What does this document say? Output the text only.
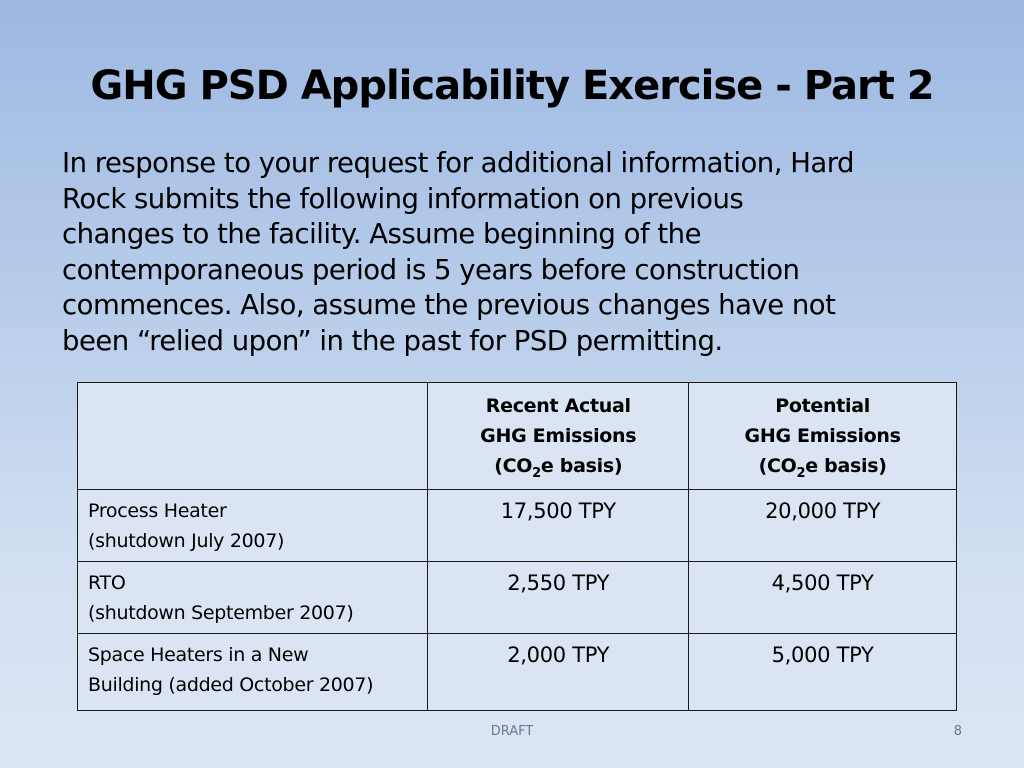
GHG PSD Applicability Exercise - Part 2
In response to your request for additional information, Hard
Rock submits the following information on previous
changes to the facility. Assume beginning of the
contemporaneous period is 5 years before construction
commences. Also, assume the previous changes have not
been “relied upon” in the past for PSD permitting.

	Recent Actual
GHG Emissions
($CO_2e$ basis)	Potential
GHG Emissions
($CO_2e$ basis)

Process Heater
(shutdown July 2007)	17,500 TPY	20,000 TPY

RTO
(shutdown September 2007)	2,550 TPY	4,500 TPY

Space Heaters in a New
Building (added October 2007)	2,000 TPY	5,000 TPY
DRAFT	8
